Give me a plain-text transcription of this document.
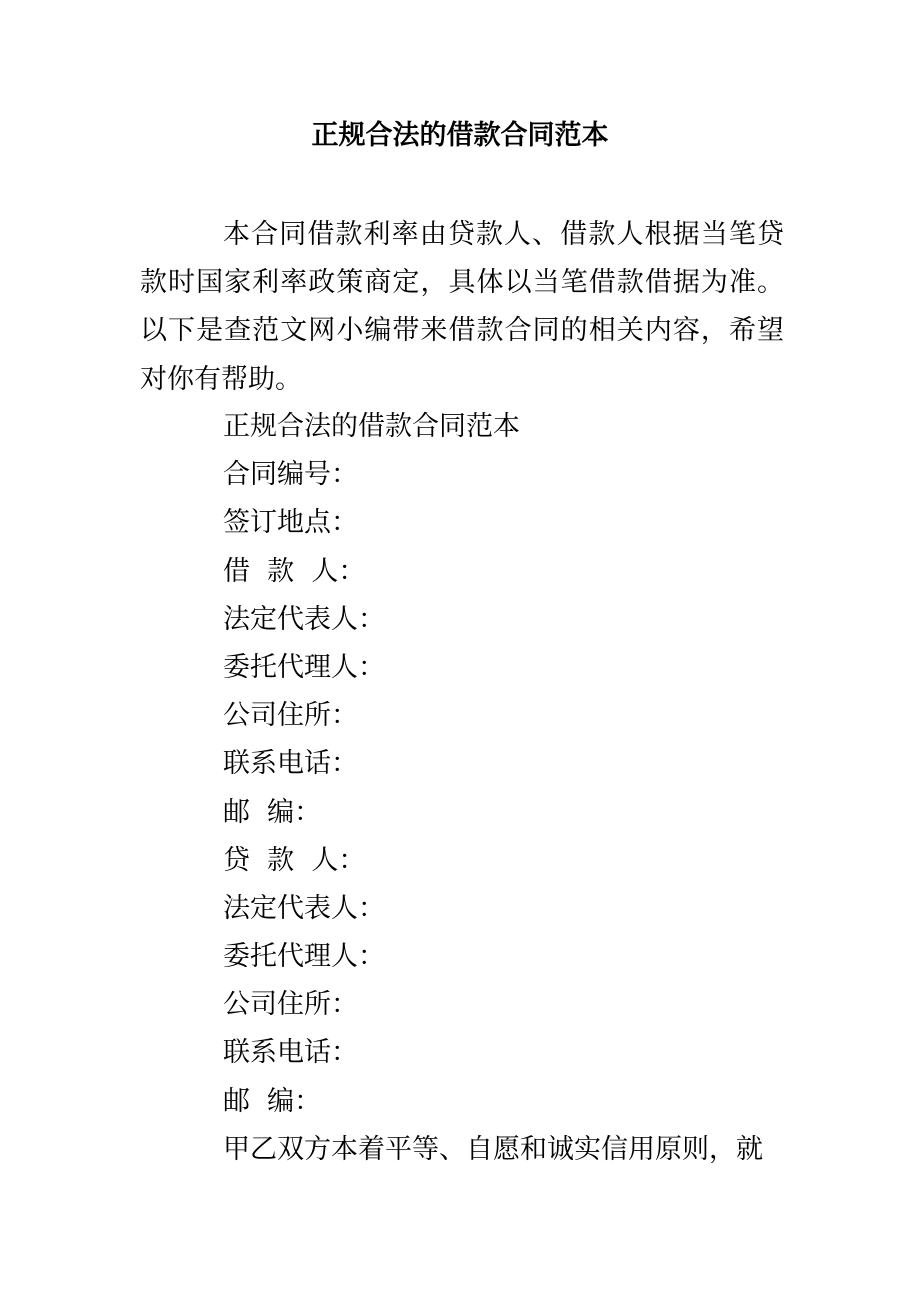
正规合法的借款合同范本

本合同借款利率由贷款人、借款人根据当笔贷款时国家利率政策商定，具体以当笔借款借据为准。以下是查范文网小编带来借款合同的相关内容，希望对你有帮助。

正规合法的借款合同范本
合同编号：
签订地点：
借  款  人：
法定代表人：
委托代理人：
公司住所：
联系电话：
邮  编：
贷  款  人：
法定代表人：
委托代理人：
公司住所：
联系电话：
邮  编：
甲乙双方本着平等、自愿和诚实信用原则，就
